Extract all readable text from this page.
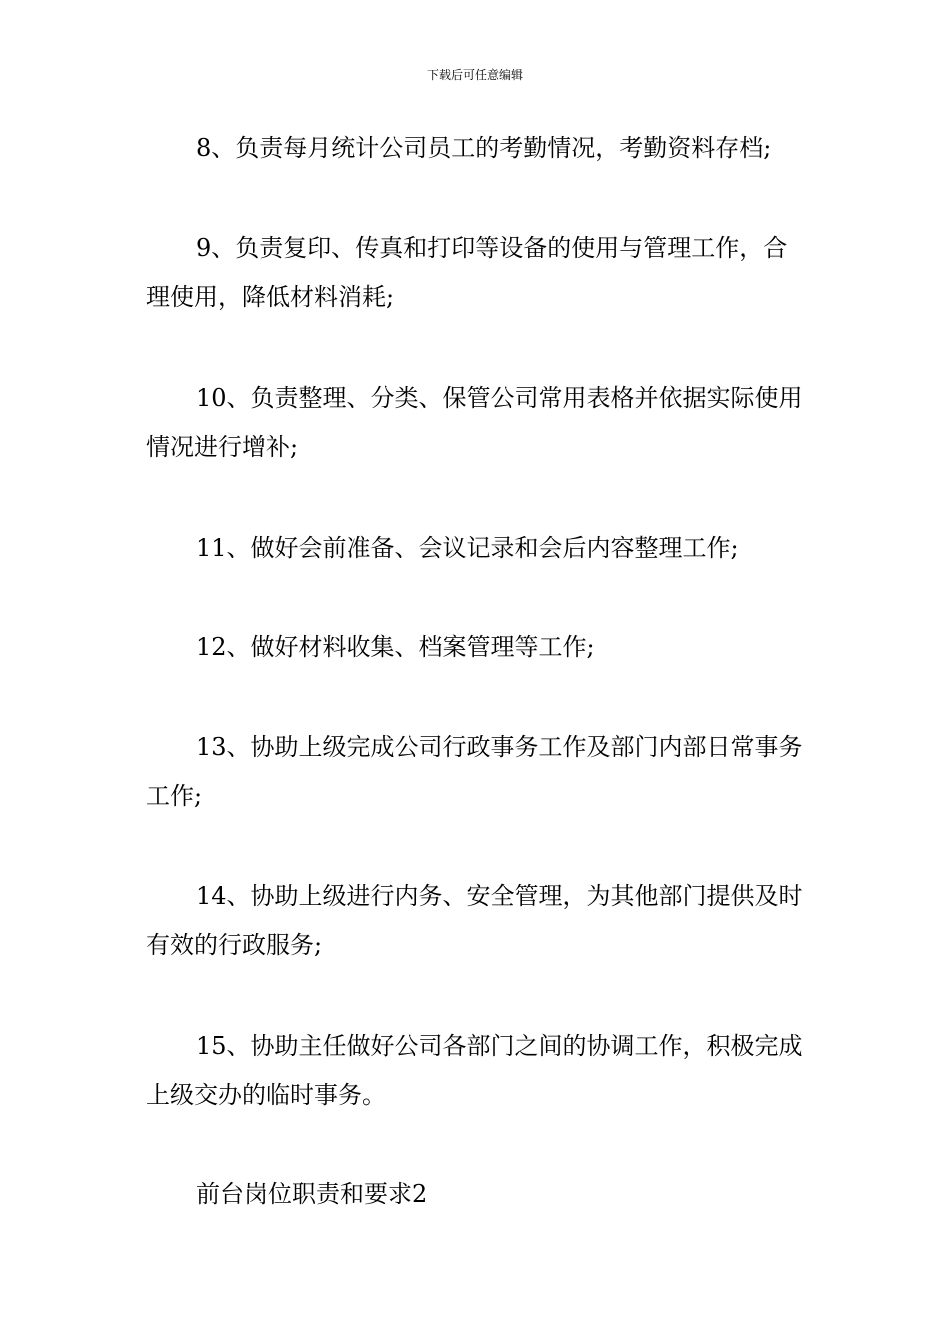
下载后可任意编辑

8、负责每月统计公司员工的考勤情况，考勤资料存档;

9、负责复印、传真和打印等设备的使用与管理工作，合理使用，降低材料消耗;

10、负责整理、分类、保管公司常用表格并依据实际使用情况进行增补;

11、做好会前准备、会议记录和会后内容整理工作;

12、做好材料收集、档案管理等工作;

13、协助上级完成公司行政事务工作及部门内部日常事务工作;

14、协助上级进行内务、安全管理，为其他部门提供及时有效的行政服务;

15、协助主任做好公司各部门之间的协调工作，积极完成上级交办的临时事务。

前台岗位职责和要求2
